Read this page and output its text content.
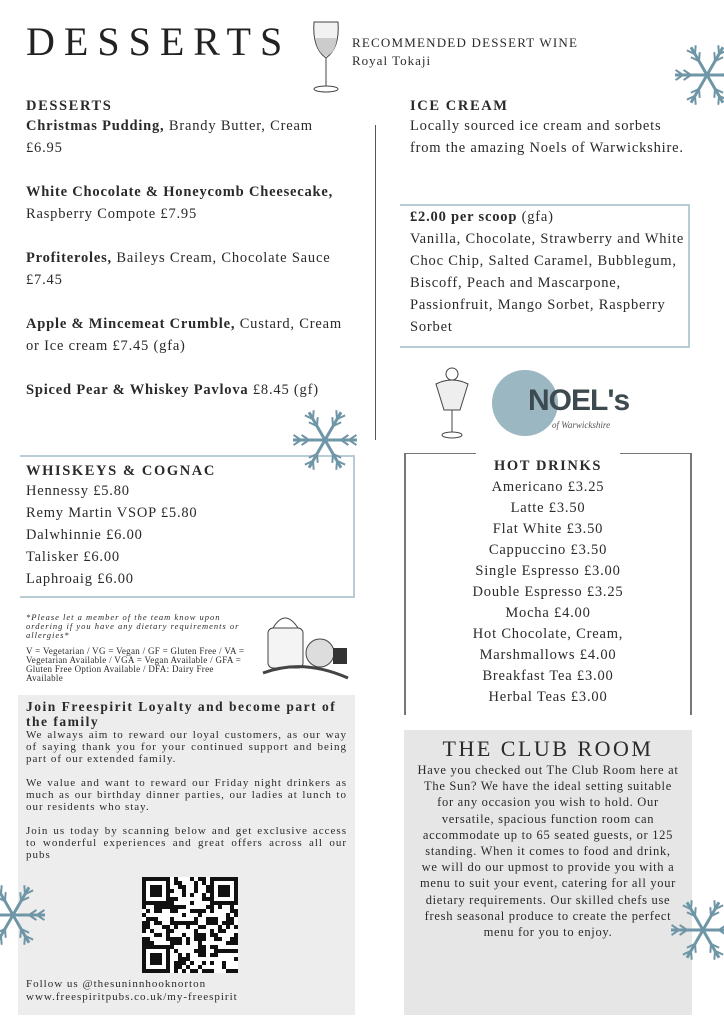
DESSERTS	RECOMMENDED DESSERT WINE
Royal Tokaji
DESSERTS
Christmas Pudding, Brandy Butter, Cream £6.95
White Chocolate & Honeycomb Cheesecake, Raspberry Compote £7.95
Profiteroles, Baileys Cream, Chocolate Sauce £7.45
Apple & Mincemeat Crumble, Custard, Cream or Ice cream £7.45 (gfa)
Spiced Pear & Whiskey Pavlova £8.45 (gf)
ICE CREAM
Locally sourced ice cream and sorbets from the amazing Noels of Warwickshire.
£2.00 per scoop (gfa)
Vanilla, Chocolate, Strawberry and White Choc Chip, Salted Caramel, Bubblegum, Biscoff, Peach and Mascarpone, Passionfruit, Mango Sorbet, Raspberry Sorbet
NOEL's
of Warwickshire
WHISKEYS & COGNAC
Hennessy £5.80
Remy Martin VSOP £5.80
Dalwhinnie £6.00
Talisker £6.00
Laphroaig £6.00
*Please let a member of the team know upon ordering if you have any dietary requirements or allergies*
V = Vegetarian / VG = Vegan / GF = Gluten Free / VA = Vegetarian Available / VGA = Vegan Available / GFA = Gluten Free Option Available / DFA: Dairy Free Available
Join Freespirit Loyalty and become part of the family

We always aim to reward our loyal customers, as our way of saying thank you for your continued support and being part of our extended family.

We value and want to reward our Friday night drinkers as much as our birthday dinner parties, our ladies at lunch to our residents who stay.

Join us today by scanning below and get exclusive access to wonderful experiences and great offers across all our pubs

Follow us @thesuninnhooknorton
www.freespiritpubs.co.uk/my-freespirit
HOT DRINKS
Americano £3.25
Latte £3.50
Flat White £3.50
Cappuccino £3.50
Single Espresso £3.00
Double Espresso £3.25
Mocha £4.00
Hot Chocolate, Cream,
Marshmallows £4.00
Breakfast Tea £3.00
Herbal Teas £3.00
THE CLUB ROOM

Have you checked out The Club Room here at The Sun? We have the ideal setting suitable for any occasion you wish to hold. Our versatile, spacious function room can accommodate up to 65 seated guests, or 125 standing. When it comes to food and drink, we will do our upmost to provide you with a menu to suit your event, catering for all your dietary requirements. Our skilled chefs use fresh seasonal produce to create the perfect menu for you to enjoy.
